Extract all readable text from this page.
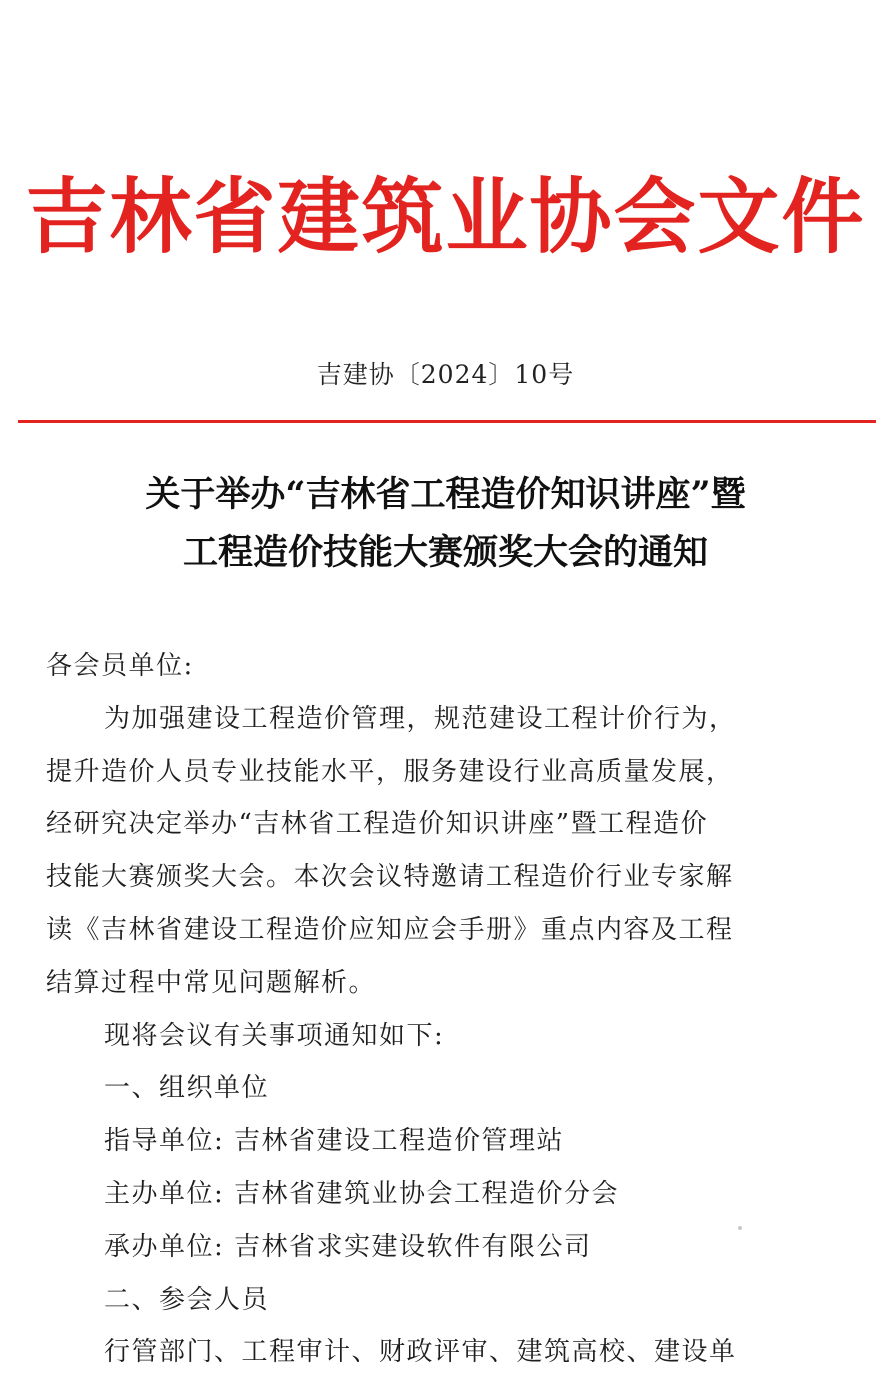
吉林省建筑业协会文件
吉建协〔2024〕10号
关于举办“吉林省工程造价知识讲座”暨
工程造价技能大赛颁奖大会的通知
各会员单位:
为加强建设工程造价管理，规范建设工程计价行为，
提升造价人员专业技能水平，服务建设行业高质量发展，
经研究决定举办“吉林省工程造价知识讲座”暨工程造价
技能大赛颁奖大会。本次会议特邀请工程造价行业专家解
读《吉林省建设工程造价应知应会手册》重点内容及工程
结算过程中常见问题解析。
现将会议有关事项通知如下:
一、组织单位
指导单位: 吉林省建设工程造价管理站
主办单位: 吉林省建筑业协会工程造价分会
承办单位: 吉林省求实建设软件有限公司
二、参会人员
行管部门、工程审计、财政评审、建筑高校、建设单
